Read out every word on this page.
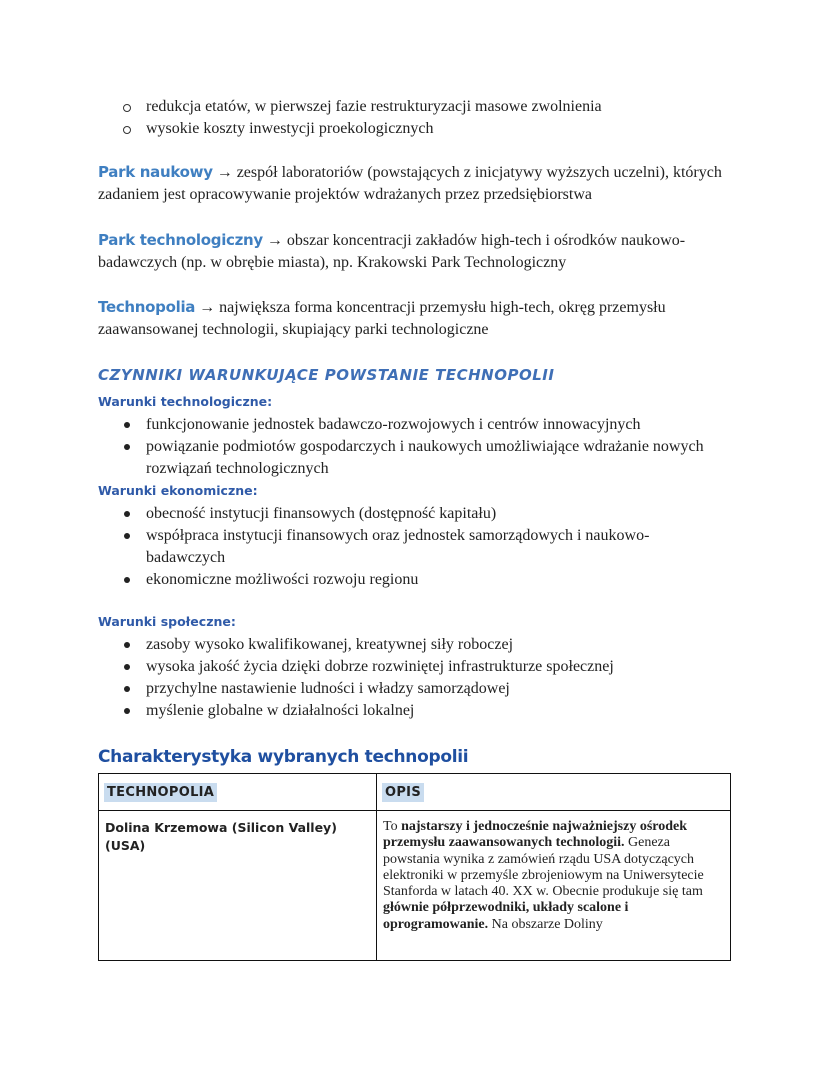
redukcja etatów, w pierwszej fazie restrukturyzacji masowe zwolnienia
wysokie koszty inwestycji proekologicznych
Park naukowy → zespół laboratoriów (powstających z inicjatywy wyższych uczelni), których zadaniem jest opracowywanie projektów wdrażanych przez przedsiębiorstwa
Park technologiczny → obszar koncentracji zakładów high-tech i ośrodków naukowo-badawczych (np. w obrębie miasta), np. Krakowski Park Technologiczny
Technopolia → największa forma koncentracji przemysłu high-tech, okręg przemysłu zaawansowanej technologii, skupiający parki technologiczne
CZYNNIKI WARUNKUJĄCE POWSTANIE TECHNOPOLII
Warunki technologiczne:
funkcjonowanie jednostek badawczo-rozwojowych i centrów innowacyjnych
powiązanie podmiotów gospodarczych i naukowych umożliwiające wdrażanie nowych rozwiązań technologicznych
Warunki ekonomiczne:
obecność instytucji finansowych (dostępność kapitału)
współpraca instytucji finansowych oraz jednostek samorządowych i naukowo-badawczych
ekonomiczne możliwości rozwoju regionu
Warunki społeczne:
zasoby wysoko kwalifikowanej, kreatywnej siły roboczej
wysoka jakość życia dzięki dobrze rozwiniętej infrastrukturze społecznej
przychylne nastawienie ludności i władzy samorządowej
myślenie globalne w działalności lokalnej
Charakterystyka wybranych technopolii
TECHNOPOLIA	OPIS
Dolina Krzemowa (Silicon Valley) (USA)
To najstarszy i jednocześnie najważniejszy ośrodek przemysłu zaawansowanych technologii. Geneza powstania wynika z zamówień rządu USA dotyczących elektroniki w przemyśle zbrojeniowym na Uniwersytecie Stanforda w latach 40. XX w. Obecnie produkuje się tam głównie półprzewodniki, układy scalone i oprogramowanie. Na obszarze Doliny
